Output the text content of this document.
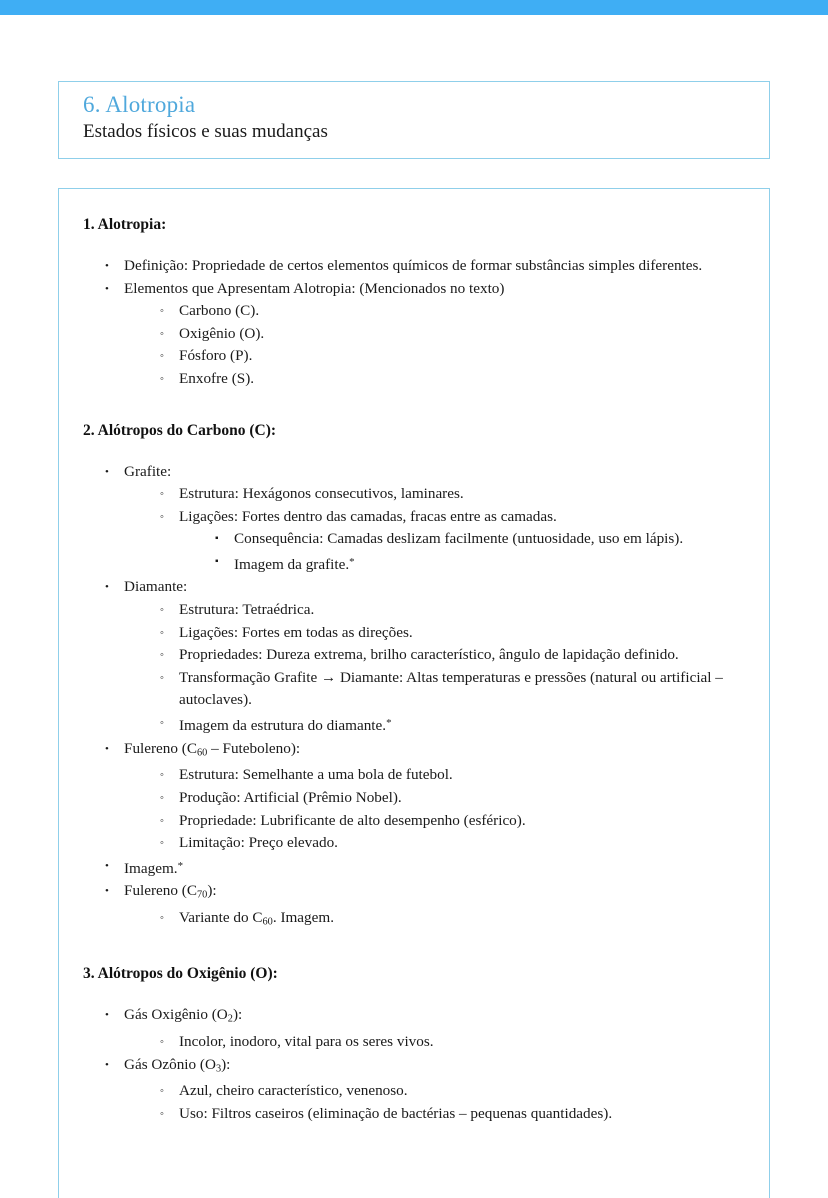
6. Alotropia
Estados físicos e suas mudanças
1. Alotropia:
• Definição: Propriedade de certos elementos químicos de formar substâncias simples diferentes.
• Elementos que Apresentam Alotropia: (Mencionados no texto)
◦ Carbono (C).
◦ Oxigênio (O).
◦ Fósforo (P).
◦ Enxofre (S).
2. Alótropos do Carbono (C):
• Grafite:
◦ Estrutura: Hexágonos consecutivos, laminares.
◦ Ligações: Fortes dentro das camadas, fracas entre as camadas.
▪ Consequência: Camadas deslizam facilmente (untuosidade, uso em lápis).
▪ Imagem da grafite.*
• Diamante:
◦ Estrutura: Tetraédrica.
◦ Ligações: Fortes em todas as direções.
◦ Propriedades: Dureza extrema, brilho característico, ângulo de lapidação definido.
◦ Transformação Grafite → Diamante: Altas temperaturas e pressões (natural ou artificial – autoclaves).
◦ Imagem da estrutura do diamante.*
• Fulereno ($C_{60}$ – Futeboleno):
◦ Estrutura: Semelhante a uma bola de futebol.
◦ Produção: Artificial (Prêmio Nobel).
◦ Propriedade: Lubrificante de alto desempenho (esférico).
◦ Limitação: Preço elevado.
• Imagem.*
• Fulereno $(C_{70})$:
◦ Variante do $C_{60}$. Imagem.
3. Alótropos do Oxigênio (O):
• Gás Oxigênio $(O_2)$:
◦ Incolor, inodoro, vital para os seres vivos.
• Gás Ozônio $(O_3)$:
◦ Azul, cheiro característico, venenoso.
◦ Uso: Filtros caseiros (eliminação de bactérias – pequenas quantidades).
